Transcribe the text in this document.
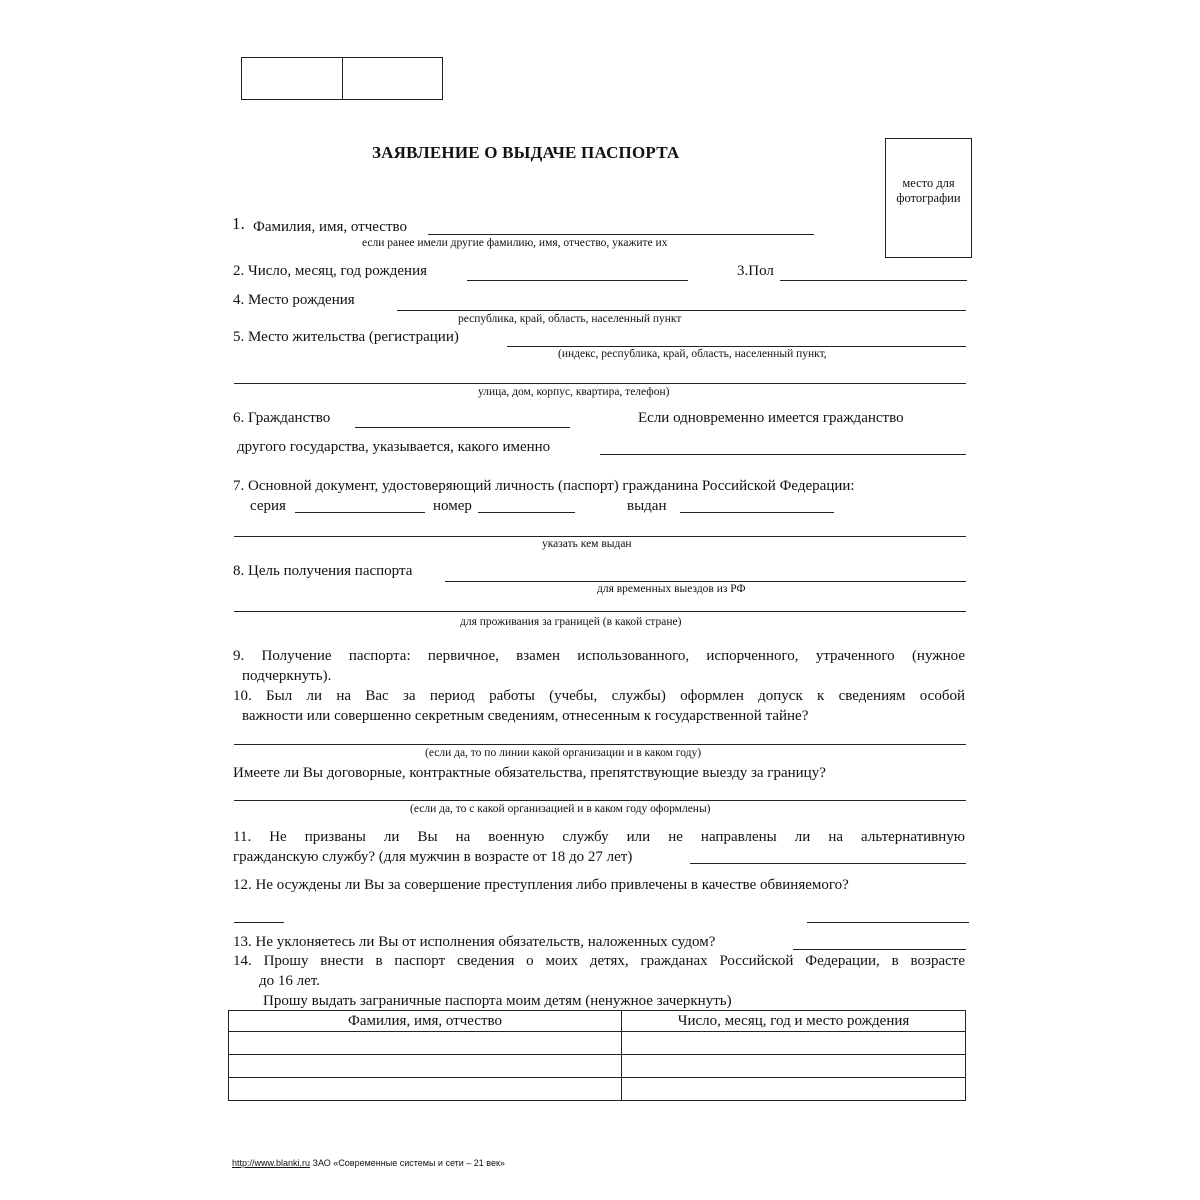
ЗАЯВЛЕНИЕ О ВЫДАЧЕ ПАСПОРТА
место для
фотографии
1. Фамилия, имя, отчество
если ранее имели другие фамилию, имя, отчество, укажите их
2. Число, месяц, год рождения	3.Пол
4. Место рождения
республика, край, область, населенный пункт
5. Место жительства (регистрации)
(индекс, республика, край, область, населенный пункт,
улица, дом, корпус, квартира, телефон)
6. Гражданство	Если одновременно имеется гражданство
другого государства, указывается, какого именно
7. Основной документ, удостоверяющий личность (паспорт) гражданина Российской Федерации:
серия	номер	выдан
указать кем выдан
8. Цель получения паспорта
для временных выездов из РФ
для проживания за границей (в какой стране)
9. Получение паспорта: первичное, взамен использованного, испорченного, утраченного (нужное
подчеркнуть).
10. Был ли на Вас за период работы (учебы, службы) оформлен допуск к сведениям особой
важности или совершенно секретным сведениям, отнесенным к государственной тайне?
(если да, то по линии какой организации и в каком году)
Имеете ли Вы договорные, контрактные обязательства, препятствующие выезду за границу?
(если да, то с какой организацией и в каком году оформлены)
11. Не призваны ли Вы на военную службу или не направлены ли на альтернативную
гражданскую службу? (для мужчин в возрасте от 18 до 27 лет)
12. Не осуждены ли Вы за совершение преступления либо привлечены в качестве обвиняемого?
13. Не уклоняетесь ли Вы от исполнения обязательств, наложенных судом?
14. Прошу внести в паспорт сведения о моих детях, гражданах Российской Федерации, в возрасте
до 16 лет.
Прошу выдать заграничные паспорта моим детям (ненужное зачеркнуть)
Фамилия, имя, отчество	Число, месяц, год и место рождения

http://www.blanki.ru ЗАО «Современные системы и сети – 21 век»
